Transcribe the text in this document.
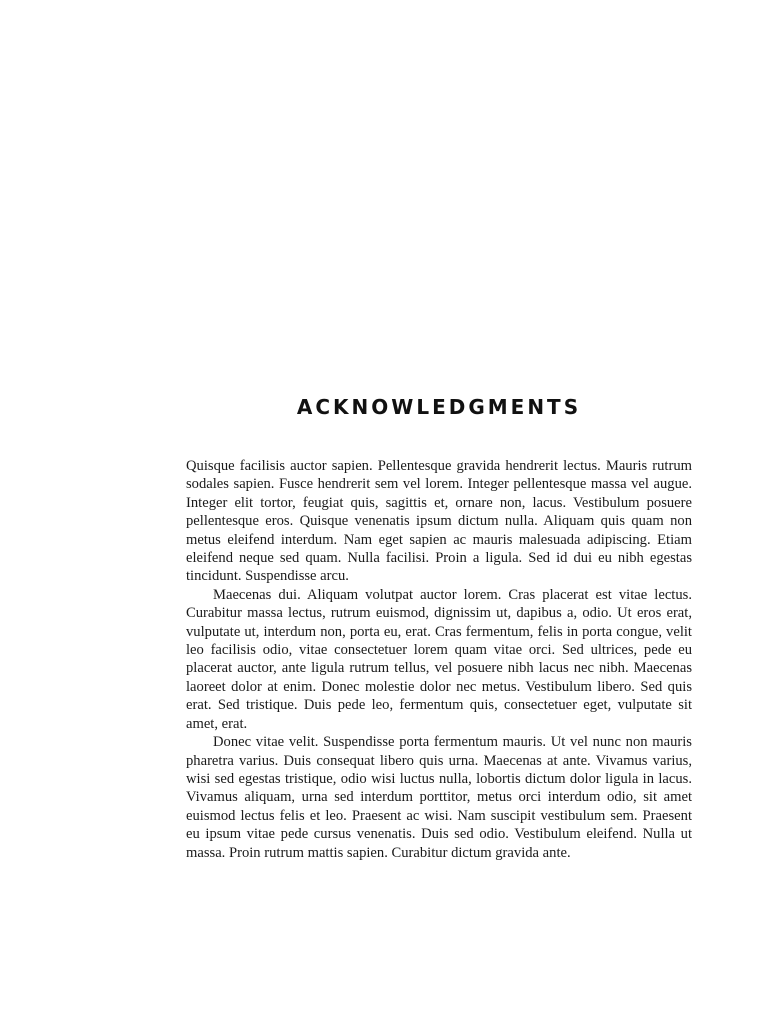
ACKNOWLEDGMENTS

Quisque facilisis auctor sapien. Pellentesque gravida hendrerit lectus. Mauris rutrum sodales sapien. Fusce hendrerit sem vel lorem. Integer pellentesque massa vel augue. Integer elit tortor, feugiat quis, sagittis et, ornare non, lacus. Vestibulum posuere pellentesque eros. Quisque venenatis ipsum dictum nulla. Aliquam quis quam non metus eleifend interdum. Nam eget sapien ac mauris malesuada adipiscing. Etiam eleifend neque sed quam. Nulla facilisi. Proin a ligula. Sed id dui eu nibh egestas tincidunt. Suspendisse arcu.

Maecenas dui. Aliquam volutpat auctor lorem. Cras placerat est vitae lectus. Curabitur massa lectus, rutrum euismod, dignissim ut, dapibus a, odio. Ut eros erat, vulputate ut, interdum non, porta eu, erat. Cras fermentum, felis in porta congue, velit leo facilisis odio, vitae consectetuer lorem quam vitae orci. Sed ultrices, pede eu placerat auctor, ante ligula rutrum tellus, vel posuere nibh lacus nec nibh. Maecenas laoreet dolor at enim. Donec molestie dolor nec metus. Vestibulum libero. Sed quis erat. Sed tristique. Duis pede leo, fermentum quis, consectetuer eget, vulputate sit amet, erat.

Donec vitae velit. Suspendisse porta fermentum mauris. Ut vel nunc non mauris pharetra varius. Duis consequat libero quis urna. Maecenas at ante. Vivamus varius, wisi sed egestas tristique, odio wisi luctus nulla, lobortis dictum dolor ligula in lacus. Vivamus aliquam, urna sed interdum porttitor, metus orci interdum odio, sit amet euismod lectus felis et leo. Praesent ac wisi. Nam suscipit vestibulum sem. Praesent eu ipsum vitae pede cursus venenatis. Duis sed odio. Vestibulum eleifend. Nulla ut massa. Proin rutrum mattis sapien. Curabitur dictum gravida ante.
